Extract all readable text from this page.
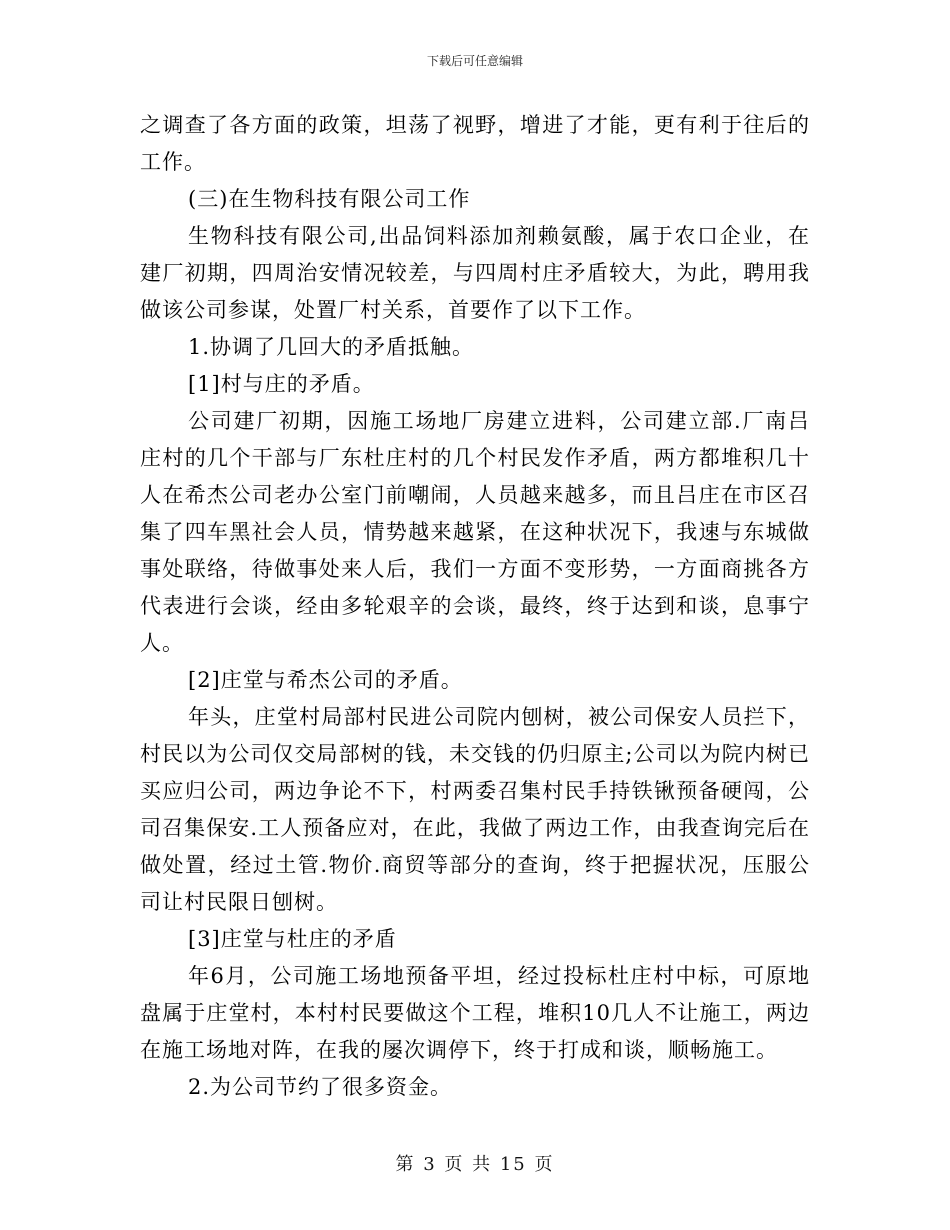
下载后可任意编辑

之调查了各方面的政策，坦荡了视野，增进了才能，更有利于往后的工作。

(三)在生物科技有限公司工作

生物科技有限公司,出品饲料添加剂赖氨酸，属于农口企业，在建厂初期，四周治安情况较差，与四周村庄矛盾较大，为此，聘用我做该公司参谋，处置厂村关系，首要作了以下工作。

1.协调了几回大的矛盾抵触。

[1]村与庄的矛盾。

公司建厂初期，因施工场地厂房建立进料，公司建立部.厂南吕庄村的几个干部与厂东杜庄村的几个村民发作矛盾，两方都堆积几十人在希杰公司老办公室门前嘲闹，人员越来越多，而且吕庄在市区召集了四车黑社会人员，情势越来越紧，在这种状况下，我速与东城做事处联络，待做事处来人后，我们一方面不变形势，一方面商挑各方代表进行会谈，经由多轮艰辛的会谈，最终，终于达到和谈，息事宁人。

[2]庄堂与希杰公司的矛盾。

年头，庄堂村局部村民进公司院内刨树，被公司保安人员拦下，村民以为公司仅交局部树的钱，未交钱的仍归原主;公司以为院内树已买应归公司，两边争论不下，村两委召集村民手持铁锹预备硬闯，公司召集保安.工人预备应对，在此，我做了两边工作，由我查询完后在做处置，经过土管.物价.商贸等部分的查询，终于把握状况，压服公司让村民限日刨树。

[3]庄堂与杜庄的矛盾

年6月，公司施工场地预备平坦，经过投标杜庄村中标，可原地盘属于庄堂村，本村村民要做这个工程，堆积10几人不让施工，两边在施工场地对阵，在我的屡次调停下，终于打成和谈，顺畅施工。

2.为公司节约了很多资金。

第 3 页 共 15 页
